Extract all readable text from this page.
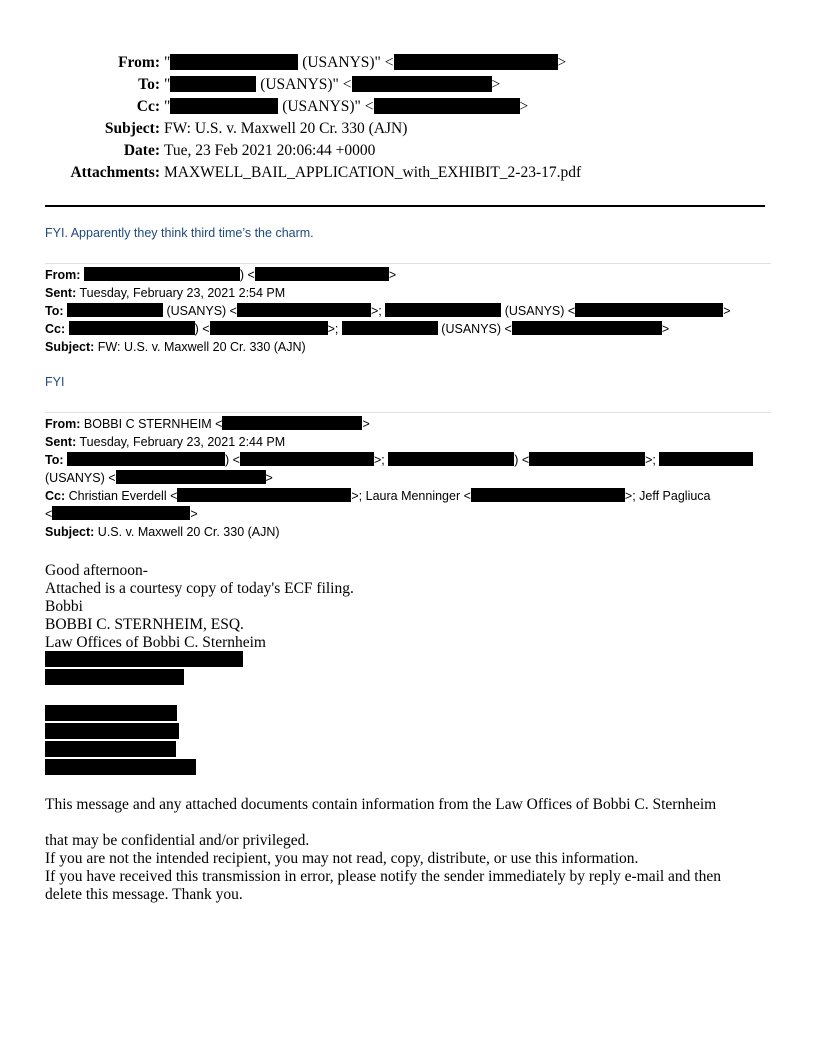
From: "	(USANYS)" <	>
To: "	(USANYS)" <	>
Cc: "	(USANYS)" <	>
Subject: FW: U.S. v. Maxwell 20 Cr. 330 (AJN)
Date: Tue, 23 Feb 2021 20:06:44 +0000
Attachments: MAXWELL_BAIL_APPLICATION_with_EXHIBIT_2-23-17.pdf
FYI. Apparently they think third time’s the charm.
From:	) <	>
Sent: Tuesday, February 23, 2021 2:54 PM
To:	(USANYS) <	>;	(USANYS) <	>
Cc:	) <	>;	(USANYS) <	>
Subject: FW: U.S. v. Maxwell 20 Cr. 330 (AJN)
FYI
From: BOBBI C STERNHEIM <	>
Sent: Tuesday, February 23, 2021 2:44 PM
To:	) <	>;	) <	>;
(USANYS) <	>
Cc: Christian Everdell <	>; Laura Menninger <	>; Jeff Pagliuca
<	>
Subject: U.S. v. Maxwell 20 Cr. 330 (AJN)
Good afternoon-
Attached is a courtesy copy of today's ECF filing.
Bobbi
BOBBI C. STERNHEIM, ESQ.
Law Offices of Bobbi C. Sternheim
This message and any attached documents contain information from the Law Offices of Bobbi C. Sternheim
that may be confidential and/or privileged.
If you are not the intended recipient, you may not read, copy, distribute, or use this information.
If you have received this transmission in error, please notify the sender immediately by reply e-mail and then delete this message. Thank you.
